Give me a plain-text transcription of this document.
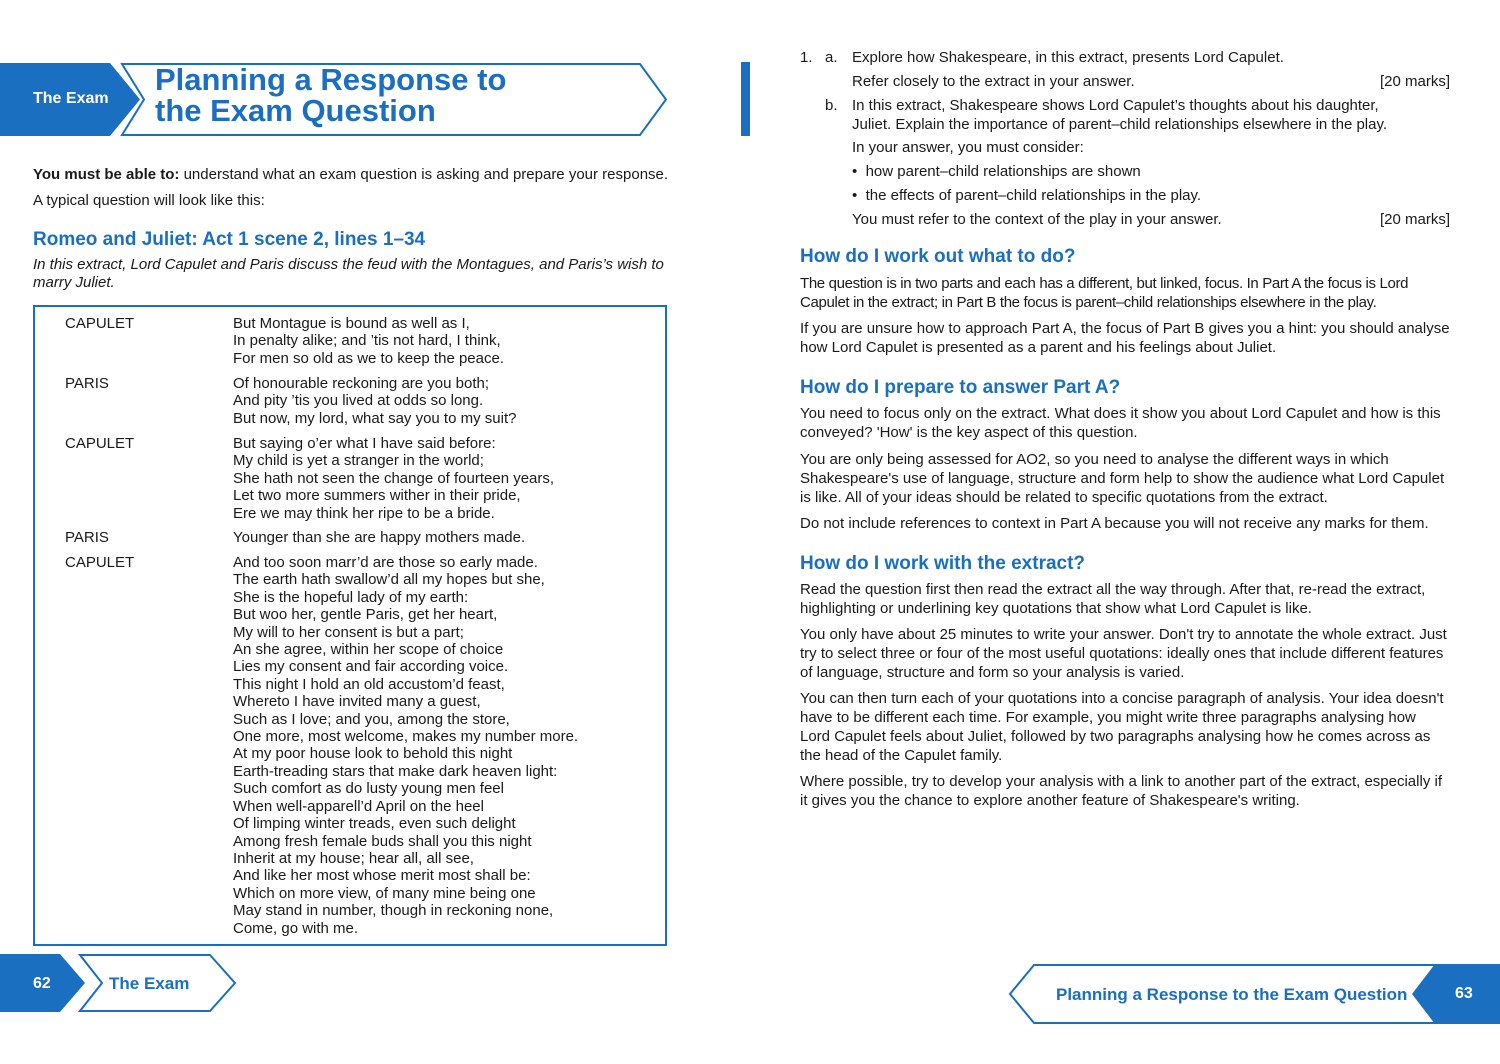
The Exam
Planning a Response to
the Exam Question

You must be able to: understand what an exam question is asking and prepare your response.

A typical question will look like this:

Romeo and Juliet: Act 1 scene 2, lines 1–34
In this extract, Lord Capulet and Paris discuss the feud with the Montagues, and Paris’s wish to marry Juliet.
CAPULET	But Montague is bound as well as I,
In penalty alike; and ’tis not hard, I think,
For men so old as we to keep the peace.
PARIS	Of honourable reckoning are you both;
And pity ’tis you lived at odds so long.
But now, my lord, what say you to my suit?
CAPULET	But saying o’er what I have said before:
My child is yet a stranger in the world;
She hath not seen the change of fourteen years,
Let two more summers wither in their pride,
Ere we may think her ripe to be a bride.
PARIS	Younger than she are happy mothers made.
CAPULET	And too soon marr’d are those so early made.
The earth hath swallow’d all my hopes but she,
She is the hopeful lady of my earth:
But woo her, gentle Paris, get her heart,
My will to her consent is but a part;
An she agree, within her scope of choice
Lies my consent and fair according voice.
This night I hold an old accustom’d feast,
Whereto I have invited many a guest,
Such as I love; and you, among the store,
One more, most welcome, makes my number more.
At my poor house look to behold this night
Earth-treading stars that make dark heaven light:
Such comfort as do lusty young men feel
When well-apparell’d April on the heel
Of limping winter treads, even such delight
Among fresh female buds shall you this night
Inherit at my house; hear all, all see,
And like her most whose merit most shall be:
Which on more view, of many mine being one
May stand in number, though in reckoning none,
Come, go with me.
62	The Exam
1. a. Explore how Shakespeare, in this extract, presents Lord Capulet.
Refer closely to the extract in your answer.	[20 marks]
b. In this extract, Shakespeare shows Lord Capulet’s thoughts about his daughter,
Juliet. Explain the importance of parent–child relationships elsewhere in the play.
In your answer, you must consider:
•  how parent–child relationships are shown
•  the effects of parent–child relationships in the play.
You must refer to the context of the play in your answer.	[20 marks]
How do I work out what to do?
The question is in two parts and each has a different, but linked, focus. In Part A the focus is Lord Capulet in the extract; in Part B the focus is parent–child relationships elsewhere in the play.
If you are unsure how to approach Part A, the focus of Part B gives you a hint: you should analyse how Lord Capulet is presented as a parent and his feelings about Juliet.
How do I prepare to answer Part A?
You need to focus only on the extract. What does it show you about Lord Capulet and how is this conveyed? 'How' is the key aspect of this question.
You are only being assessed for AO2, so you need to analyse the different ways in which Shakespeare's use of language, structure and form help to show the audience what Lord Capulet is like. All of your ideas should be related to specific quotations from the extract.
Do not include references to context in Part A because you will not receive any marks for them.
How do I work with the extract?
Read the question first then read the extract all the way through. After that, re-read the extract, highlighting or underlining key quotations that show what Lord Capulet is like.
You only have about 25 minutes to write your answer. Don't try to annotate the whole extract. Just try to select three or four of the most useful quotations: ideally ones that include different features of language, structure and form so your analysis is varied.
You can then turn each of your quotations into a concise paragraph of analysis. Your idea doesn't have to be different each time. For example, you might write three paragraphs analysing how Lord Capulet feels about Juliet, followed by two paragraphs analysing how he comes across as the head of the Capulet family.
Where possible, try to develop your analysis with a link to another part of the extract, especially if it gives you the chance to explore another feature of Shakespeare's writing.
Planning a Response to the Exam Question	63
